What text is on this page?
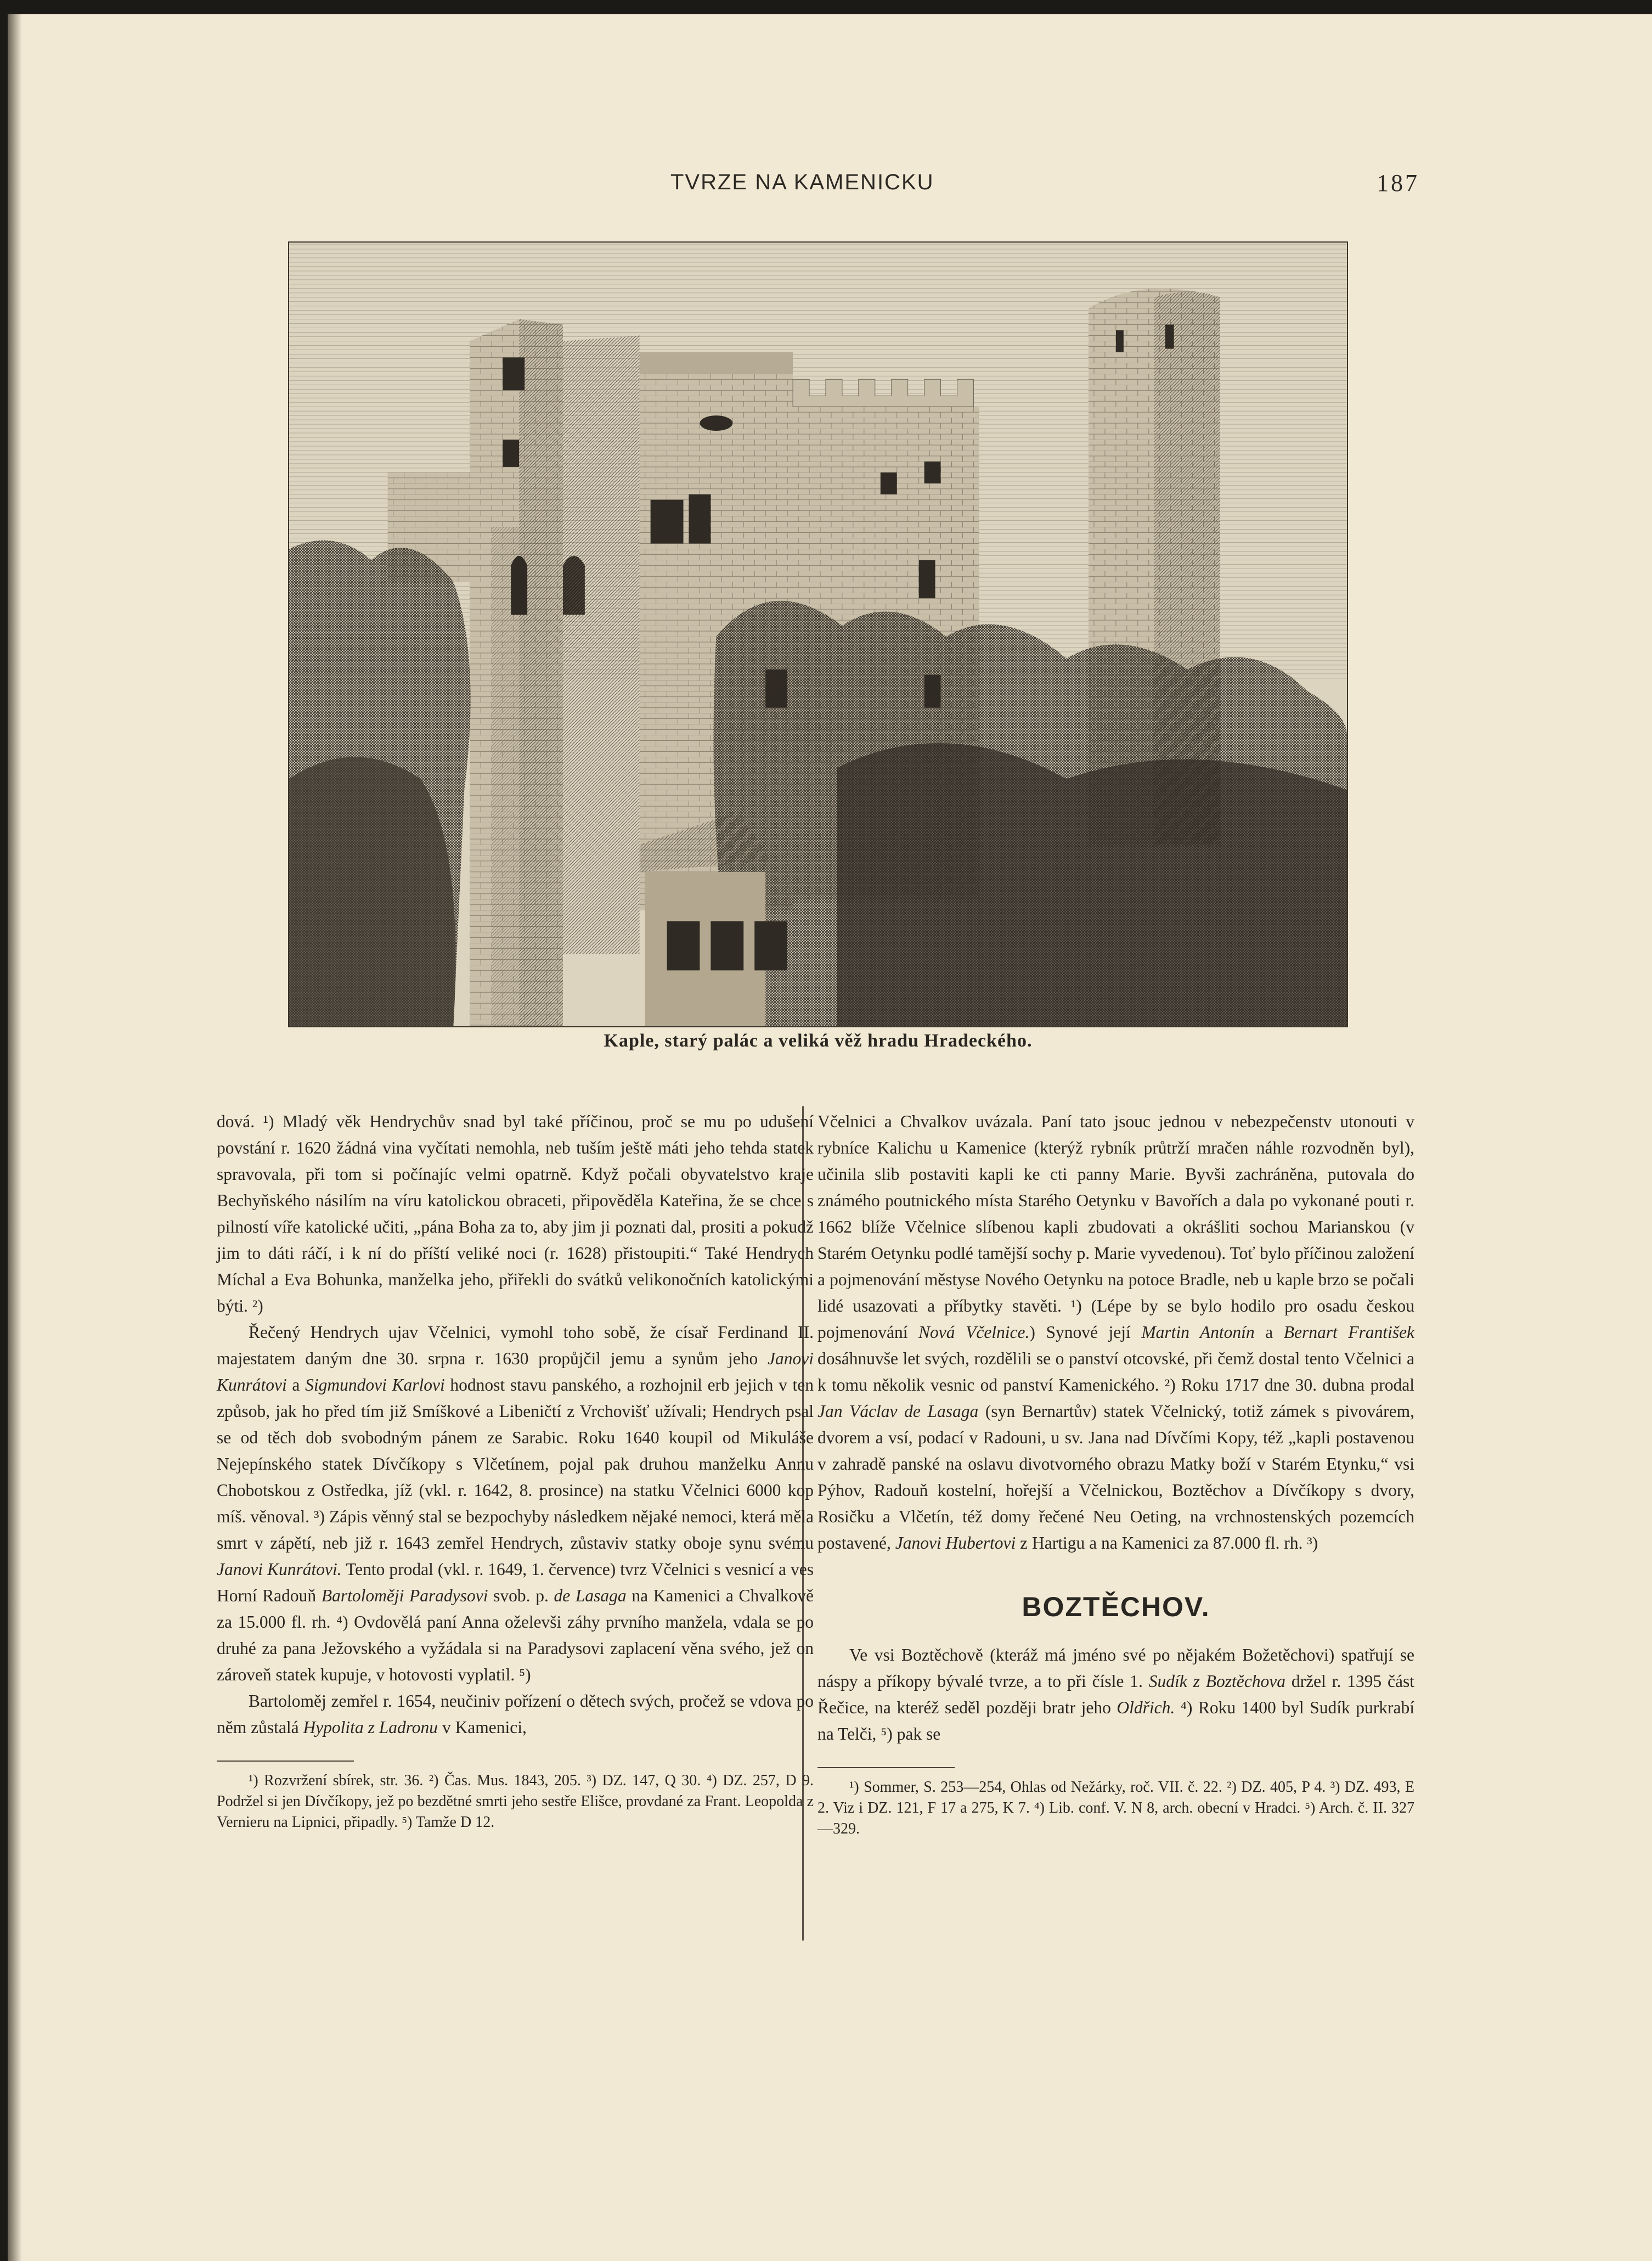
TVRZE NA KAMENICKU	187
Kaple, starý palác a veliká věž hradu Hradeckého.

dová. ¹) Mladý věk Hendrychův snad byl také příčinou, proč se mu po udušení povstání r. 1620 žádná vina vyčítati nemohla, neb tuším ještě máti jeho tehda statek spravovala, při tom si počínajíc velmi opatrně. Když počali obyvatelstvo kraje Bechyňského násilím na víru katolickou obraceti, připověděla Kateřina, že se chce s pilností víře katolické učiti, „pána Boha za to, aby jim ji poznati dal, prositi a pokudž jim to dáti ráčí, i k ní do příští veliké noci (r. 1628) přistoupiti.“ Také Hendrych Míchal a Eva Bohunka, manželka jeho, přiřekli do svátků velikonočních katolickými býti. ²)

Řečený Hendrych ujav Včelnici, vymohl toho sobě, že císař Ferdinand II. majestatem daným dne 30. srpna r. 1630 propůjčil jemu a synům jeho Janovi Kunrátovi a Sigmundovi Karlovi hodnost stavu panského, a rozhojnil erb jejich v ten způsob, jak ho před tím již Smíškové a Libeničtí z Vrchovišť užívali; Hendrych psal se od těch dob svobodným pánem ze Sarabic. Roku 1640 koupil od Mikuláše Nejepínského statek Dívčíkopy s Vlčetínem, pojal pak druhou manželku Annu Chobotskou z Ostředka, jíž (vkl. r. 1642, 8. prosince) na statku Včelnici 6000 kop míš. věnoval. ³) Zápis věnný stal se bezpochyby následkem nějaké nemoci, která měla smrt v zápětí, neb již r. 1643 zemřel Hendrych, zůstaviv statky oboje synu svému Janovi Kunrátovi. Tento prodal (vkl. r. 1649, 1. července) tvrz Včelnici s vesnicí a ves Horní Radouň Bartoloměji Paradysovi svob. p. de Lasaga na Kamenici a Chvalkově za 15.000 fl. rh. ⁴) Ovdovělá paní Anna oželevši záhy prvního manžela, vdala se po druhé za pana Ježovského a vyžádala si na Paradysovi zaplacení věna svého, jež on zároveň statek kupuje, v hotovosti vyplatil. ⁵)

Bartoloměj zemřel r. 1654, neučiniv pořízení o dětech svých, pročež se vdova po něm zůstalá Hypolita z Ladronu v Kamenici,

¹) Rozvržení sbírek, str. 36. ²) Čas. Mus. 1843, 205. ³) DZ. 147, Q 30. ⁴) DZ. 257, D 9. Podržel si jen Dívčíkopy, jež po bezdětné smrti jeho sestře Elišce, provdané za Frant. Leopolda z Vernieru na Lipnici, připadly. ⁵) Tamže D 12.

Včelnici a Chvalkov uvázala. Paní tato jsouc jednou v nebezpečenstv utonouti v rybníce Kalichu u Kamenice (kterýž rybník průtrží mračen náhle rozvodněn byl), učinila slib postaviti kapli ke cti panny Marie. Byvši zachráněna, putovala do známého poutnického místa Starého Oetynku v Bavořích a dala po vykonané pouti r. 1662 blíže Včelnice slíbenou kapli zbudovati a okrášliti sochou Marianskou (v Starém Oetynku podlé tamější sochy p. Marie vyvedenou). Toť bylo příčinou založení a pojmenování městyse Nového Oetynku na potoce Bradle, neb u kaple brzo se počali lidé usazovati a příbytky stavěti. ¹) (Lépe by se bylo hodilo pro osadu českou pojmenování Nová Včelnice.) Synové její Martin Antonín a Bernart František dosáhnuvše let svých, rozdělili se o panství otcovské, při čemž dostal tento Včelnici a k tomu několik vesnic od panství Kamenického. ²) Roku 1717 dne 30. dubna prodal Jan Václav de Lasaga (syn Bernartův) statek Včelnický, totiž zámek s pivovárem, dvorem a vsí, podací v Radouni, u sv. Jana nad Dívčími Kopy, též „kapli postavenou v zahradě panské na oslavu divotvorného obrazu Matky boží v Starém Etynku,“ vsi Pýhov, Radouň kostelní, hořejší a Včelnickou, Boztěchov a Dívčíkopy s dvory, Rosičku a Vlčetín, též domy řečené Neu Oeting, na vrchnostenských pozemcích postavené, Janovi Hubertovi z Hartigu a na Kamenici za 87.000 fl. rh. ³)

BOZTĚCHOV.

Ve vsi Boztěchově (kteráž má jméno své po nějakém Božetěchovi) spatřují se náspy a příkopy bývalé tvrze, a to při čísle 1. Sudík z Boztěchova držel r. 1395 část Řečice, na kteréž seděl později bratr jeho Oldřich. ⁴) Roku 1400 byl Sudík purkrabí na Telči, ⁵) pak se

¹) Sommer, S. 253—254, Ohlas od Nežárky, roč. VII. č. 22. ²) DZ. 405, P 4. ³) DZ. 493, E 2. Viz i DZ. 121, F 17 a 275, K 7. ⁴) Lib. conf. V. N 8, arch. obecní v Hradci. ⁵) Arch. č. II. 327—329.
